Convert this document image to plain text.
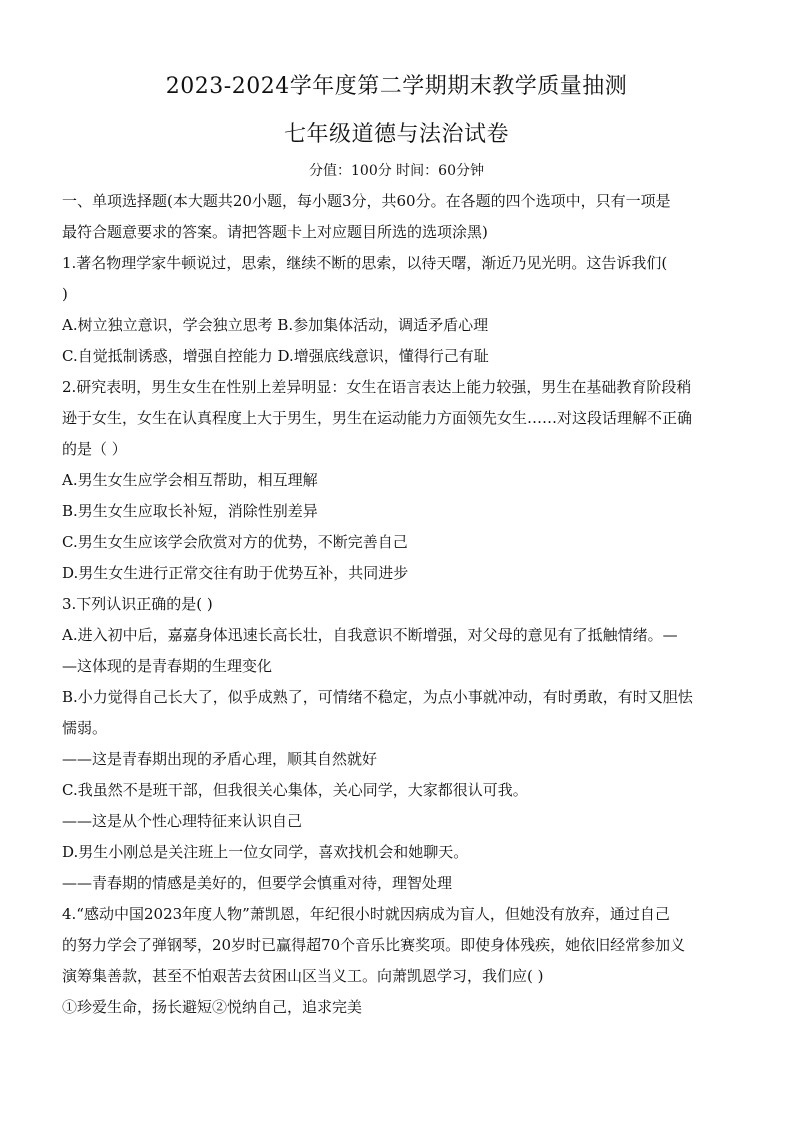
2023-2024学年度第二学期期末教学质量抽测
七年级道德与法治试卷

分值：100分 时间：60分钟

一、单项选择题(本大题共20小题，每小题3分，共60分。在各题的四个选项中，只有一项是

最符合题意要求的答案。请把答题卡上对应题目所选的选项涂黑)

1.著名物理学家牛顿说过，思索，继续不断的思索，以待天曙，渐近乃见光明。这告诉我们(

)

A.树立独立意识，学会独立思考 B.参加集体活动，调适矛盾心理

C.自觉抵制诱惑，增强自控能力 D.增强底线意识，懂得行己有耻

2.研究表明，男生女生在性别上差异明显：女生在语言表达上能力较强，男生在基础教育阶段稍

逊于女生，女生在认真程度上大于男生，男生在运动能力方面领先女生……对这段话理解不正确

的是（ ）

A.男生女生应学会相互帮助，相互理解

B.男生女生应取长补短，消除性别差异

C.男生女生应该学会欣赏对方的优势，不断完善自己

D.男生女生进行正常交往有助于优势互补，共同进步

3.下列认识正确的是( )

A.进入初中后，嘉嘉身体迅速长高长壮，自我意识不断增强，对父母的意见有了抵触情绪。—

—这体现的是青春期的生理变化

B.小力觉得自己长大了，似乎成熟了，可情绪不稳定，为点小事就冲动，有时勇敢，有时又胆怯

懦弱。

——这是青春期出现的矛盾心理，顺其自然就好

C.我虽然不是班干部，但我很关心集体，关心同学，大家都很认可我。

——这是从个性心理特征来认识自己

D.男生小刚总是关注班上一位女同学，喜欢找机会和她聊天。

——青春期的情感是美好的，但要学会慎重对待，理智处理

4.“感动中国2023年度人物”萧凯恩，年纪很小时就因病成为盲人，但她没有放弃，通过自己

的努力学会了弹钢琴，20岁时已赢得超70个音乐比赛奖项。即使身体残疾，她依旧经常参加义

演筹集善款，甚至不怕艰苦去贫困山区当义工。向萧凯恩学习，我们应( )

①珍爱生命，扬长避短②悦纳自己，追求完美
